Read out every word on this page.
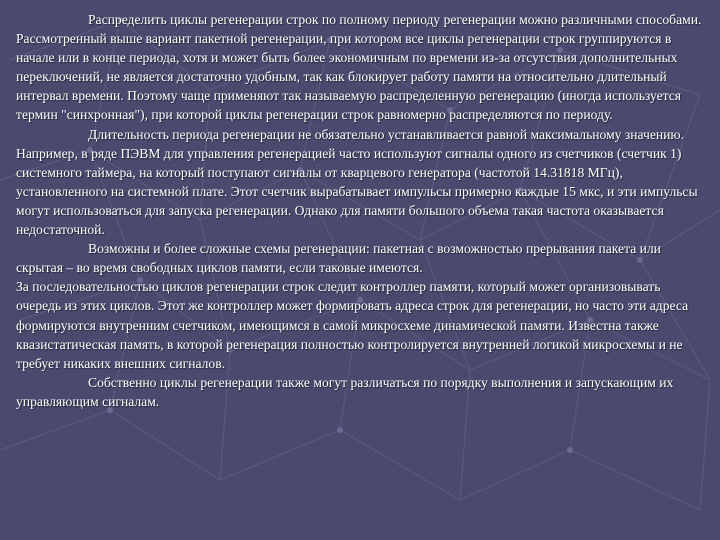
Распределить циклы регенерации строк по полному периоду регенерации можно различными способами. Рассмотренный выше вариант пакетной регенерации, при котором все циклы регенерации строк группируются в начале или в конце периода, хотя и может быть более экономичным по времени из-за отсутствия дополнительных переключений, не является достаточно удобным, так как блокирует работу памяти на относительно длительный интервал времени. Поэтому чаще применяют так называемую распределенную регенерацию (иногда используется термин "синхронная"), при которой циклы регенерации строк равномерно распределяются по периоду.

Длительность периода регенерации не обязательно устанавливается равной максимальному значению. Например, в ряде ПЭВМ для управления регенерацией часто используют сигналы одного из счетчиков (счетчик 1) системного таймера, на который поступают сигналы от кварцевого генератора (частотой 14.31818 МГц), установленного на системной плате. Этот счетчик вырабатывает импульсы примерно каждые 15 мкс, и эти импульсы могут использоваться для запуска регенерации. Однако для памяти большого объема такая частота оказывается недостаточной.

Возможны и более сложные схемы регенерации: пакетная с возможностью прерывания пакета или скрытая – во время свободных циклов памяти, если таковые имеются.

За последовательностью циклов регенерации строк следит контроллер памяти, который может организовывать очередь из этих циклов. Этот же контроллер может формировать адреса строк для регенерации, но часто эти адреса формируются внутренним счетчиком, имеющимся в самой микросхеме динамической памяти. Известна также квазистатическая память, в которой регенерация полностью контролируется внутренней логикой микросхемы и не требует никаких внешних сигналов.

Собственно циклы регенерации также могут различаться по порядку выполнения и запускающим их управляющим сигналам.
